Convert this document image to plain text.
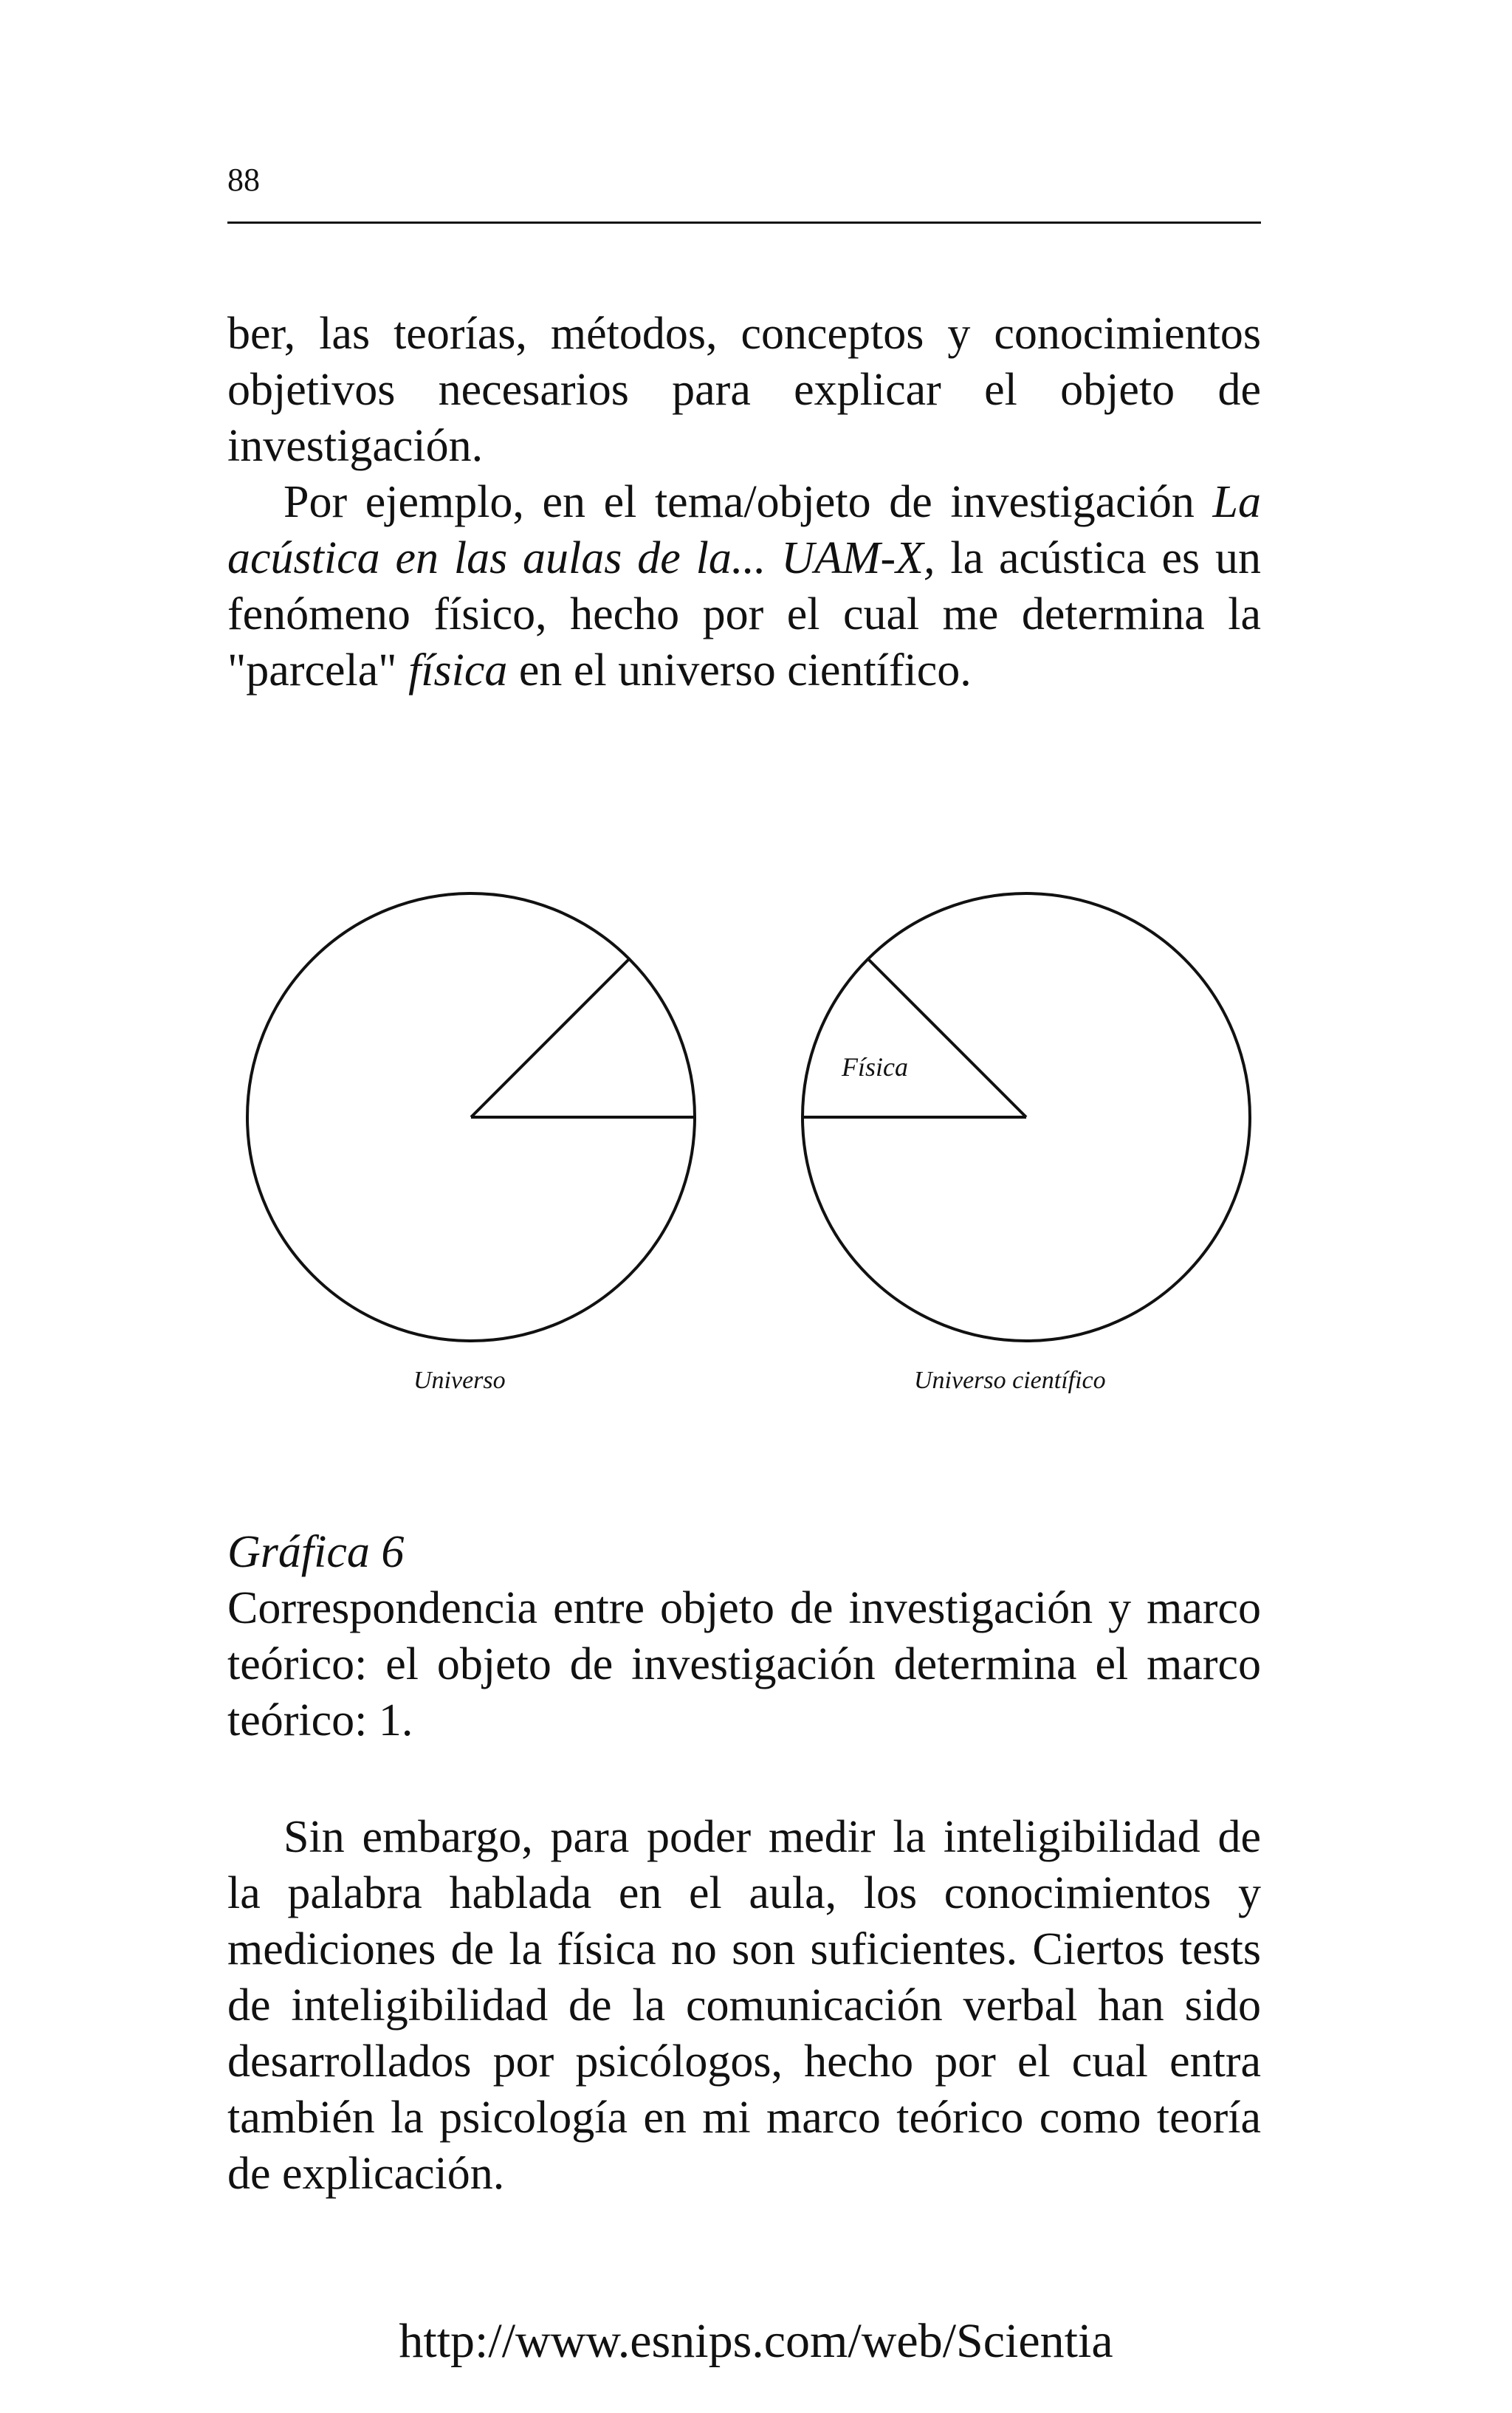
88

ber, las teorías, métodos, conceptos y conocimientos objetivos necesarios para explicar el objeto de investigación.

Por ejemplo, en el tema/objeto de investigación La acústica en las aulas de la... UAM-X, la acústica es un fenómeno físico, hecho por el cual me determina la "parcela" física en el universo científico.

Física
Universo	Universo científico

Gráfica 6

Correspondencia entre objeto de investigación y marco teórico: el objeto de investigación determina el marco teórico: 1.

Sin embargo, para poder medir la inteligibilidad de la palabra hablada en el aula, los conocimientos y mediciones de la física no son suficientes. Ciertos tests de inteligibilidad de la comunicación verbal han sido desarrollados por psicólogos, hecho por el cual entra también la psicología en mi marco teórico como teoría de explicación.

http://www.esnips.com/web/Scientia
